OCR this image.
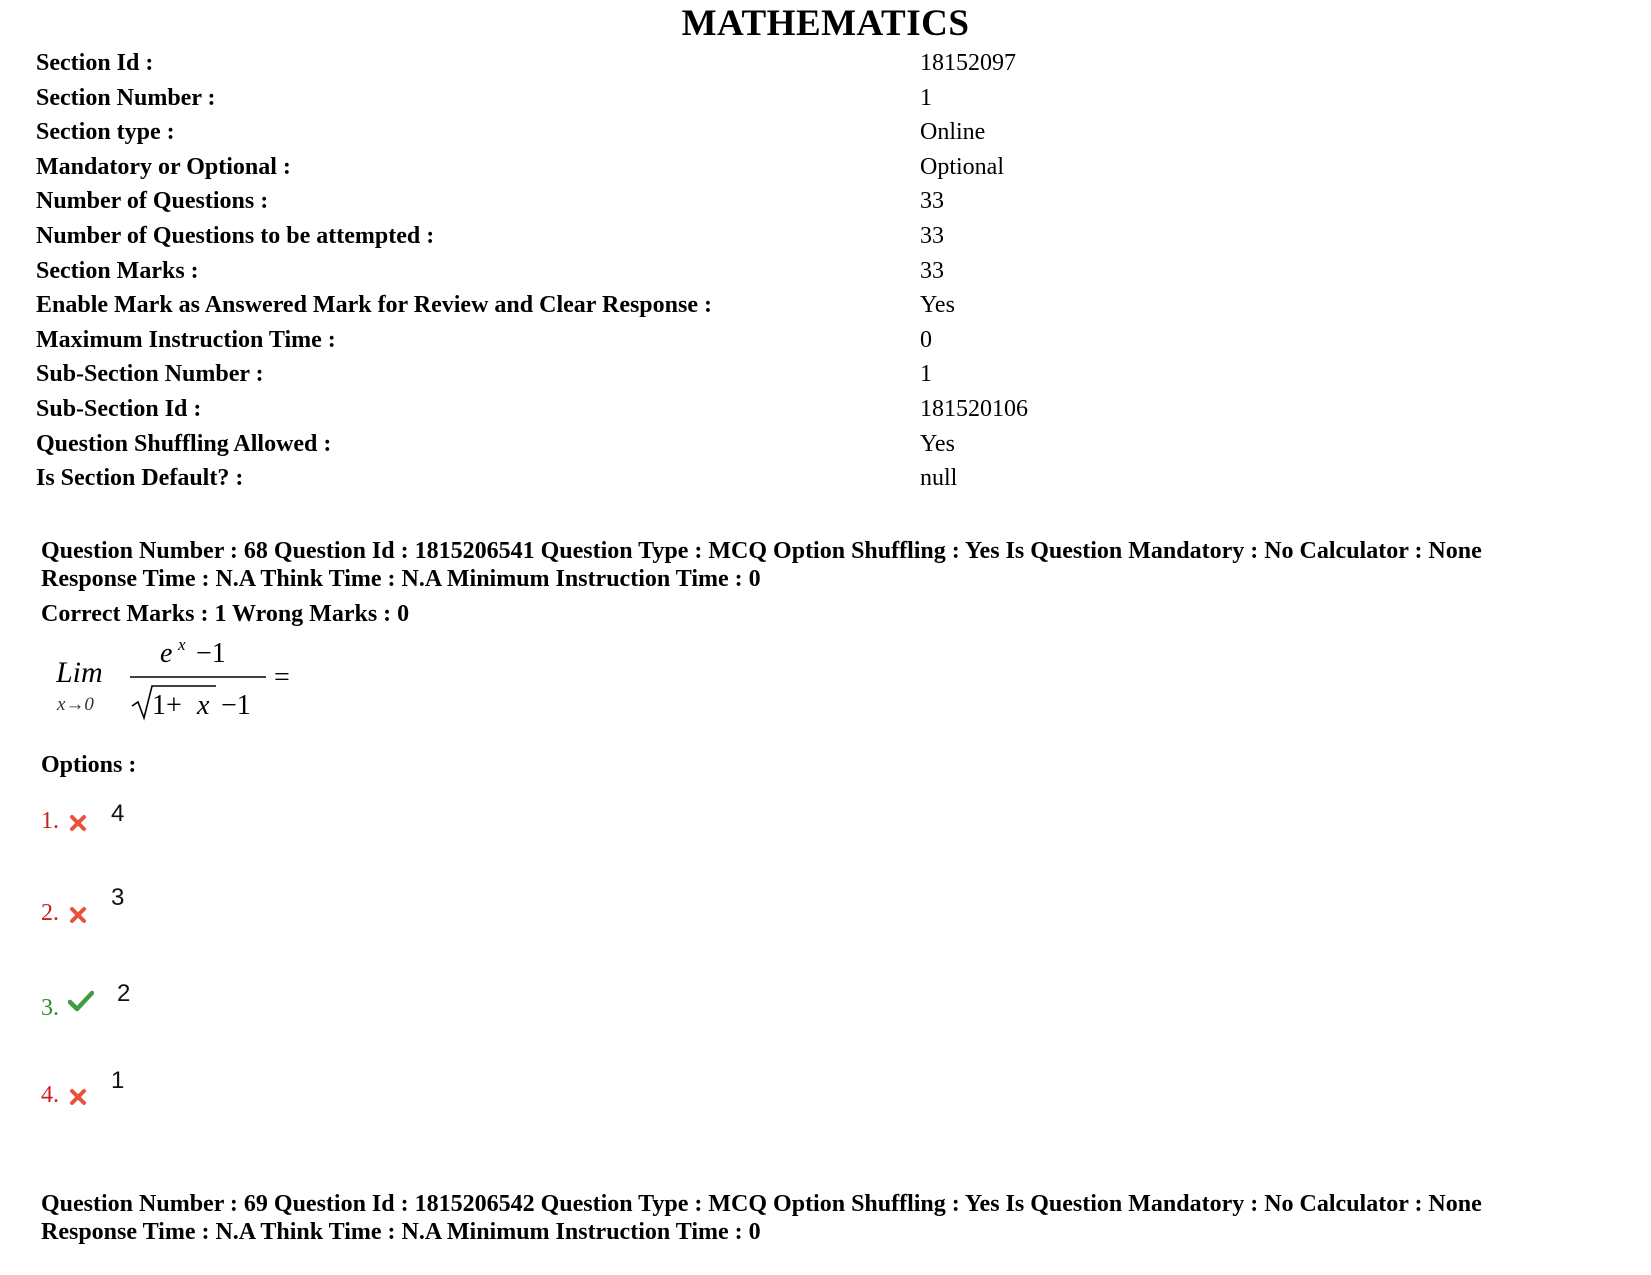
MATHEMATICS
Section Id :	18152097
Section Number :	1
Section type :	Online
Mandatory or Optional :	Optional
Number of Questions :	33
Number of Questions to be attempted :	33
Section Marks :	33
Enable Mark as Answered Mark for Review and Clear Response :	Yes
Maximum Instruction Time :	0
Sub-Section Number :	1
Sub-Section Id :	181520106
Question Shuffling Allowed :	Yes
Is Section Default? :	null
Question Number : 68 Question Id : 1815206541 Question Type : MCQ Option Shuffling : Yes Is Question Mandatory : No Calculator : None
Response Time : N.A Think Time : N.A Minimum Instruction Time : 0
Correct Marks : 1 Wrong Marks : 0
Lim
x→0
e x −1
1+ x −1
=
Options :
1. 4
2.
3
3.
2
4.
1
Question Number : 69 Question Id : 1815206542 Question Type : MCQ Option Shuffling : Yes Is Question Mandatory : No Calculator : None
Response Time : N.A Think Time : N.A Minimum Instruction Time : 0
